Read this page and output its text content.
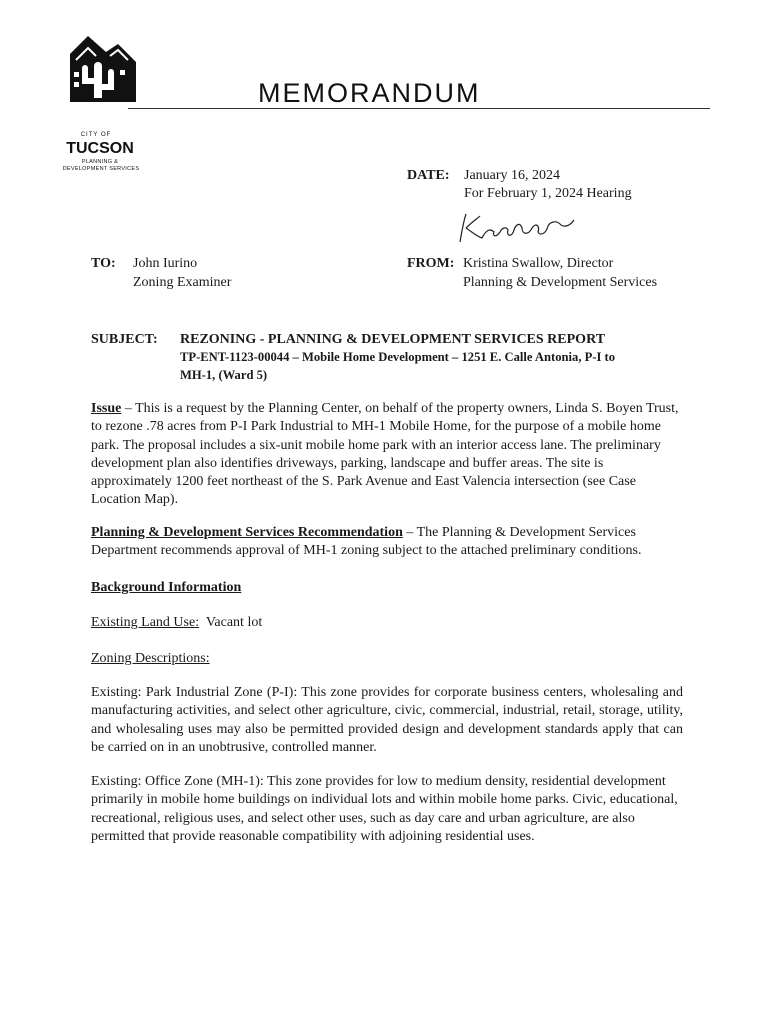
CITY OF
TUCSON
PLANNING &
DEVELOPMENT SERVICES
MEMORANDUM
DATE: January 16, 2024
For February 1, 2024 Hearing
TO: John Iurino
Zoning Examiner
FROM: Kristina Swallow, Director
Planning & Development Services
SUBJECT: REZONING - PLANNING & DEVELOPMENT SERVICES REPORT
TP-ENT-1123-00044 – Mobile Home Development – 1251 E. Calle Antonia, P-I to
MH-1, (Ward 5)

Issue – This is a request by the Planning Center, on behalf of the property owners, Linda S. Boyen Trust, to rezone .78 acres from P-I Park Industrial to MH-1 Mobile Home, for the purpose of a mobile home park. The proposal includes a six-unit mobile home park with an interior access lane. The preliminary development plan also identifies driveways, parking, landscape and buffer areas. The site is approximately 1200 feet northeast of the S. Park Avenue and East Valencia intersection (see Case Location Map).

Planning & Development Services Recommendation – The Planning & Development Services Department recommends approval of MH-1 zoning subject to the attached preliminary conditions.

Background Information
Existing Land Use: Vacant lot
Zoning Descriptions:

Existing: Park Industrial Zone (P-I): This zone provides for corporate business centers, wholesaling and manufacturing activities, and select other agriculture, civic, commercial, industrial, retail, storage, utility, and wholesaling uses may also be permitted provided design and development standards apply that can be carried on in an unobtrusive, controlled manner.

Existing: Office Zone (MH-1): This zone provides for low to medium density, residential development primarily in mobile home buildings on individual lots and within mobile home parks. Civic, educational, recreational, religious uses, and select other uses, such as day care and urban agriculture, are also permitted that provide reasonable compatibility with adjoining residential uses.
